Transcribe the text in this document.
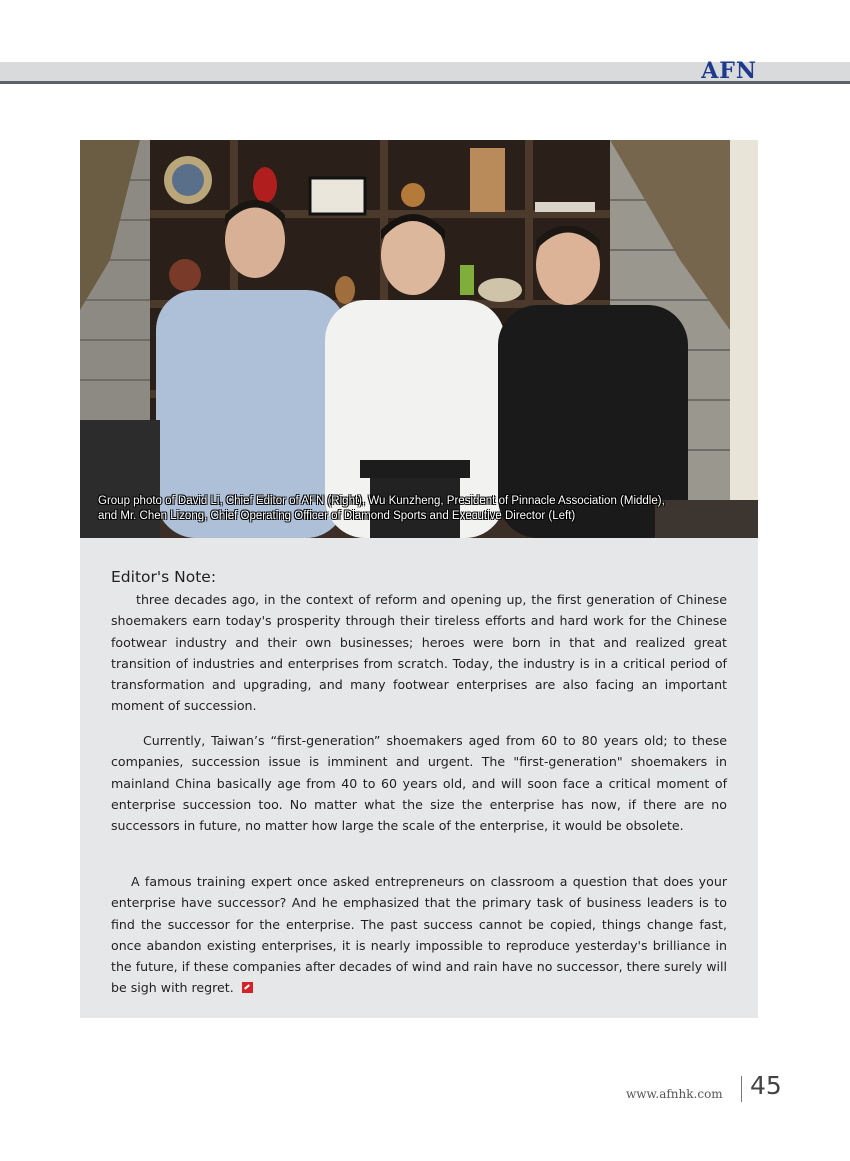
AFN
Group photo of David Li, Chief Editor of AFN (Right), Wu Kunzheng, President of Pinnacle Association (Middle),
and Mr. Chen Lizong, Chief Operating Officer of Diamond Sports and Executive Director (Left)
Editor's Note:

three decades ago, in the context of reform and opening up, the first generation of Chinese shoemakers earn today's prosperity through their tireless efforts and hard work for the Chinese footwear industry and their own businesses; heroes were born in that and realized great transition of industries and enterprises from scratch. Today, the industry is in a critical period of transformation and upgrading, and many footwear enterprises are also facing an important moment of succession.

Currently, Taiwan’s “first-generation” shoemakers aged from 60 to 80 years old; to these companies, succession issue is imminent and urgent. The "first-generation" shoemakers in mainland China basically age from 40 to 60 years old, and will soon face a critical moment of enterprise succession too. No matter what the size the enterprise has now, if there are no successors in future, no matter how large the scale of the enterprise, it would be obsolete.

A famous training expert once asked entrepreneurs on classroom a question that does your enterprise have successor? And he emphasized that the primary task of business leaders is to find the successor for the enterprise. The past success cannot be copied, things change fast, once abandon existing enterprises, it is nearly impossible to reproduce yesterday's brilliance in the future, if these companies after decades of wind and rain have no successor, there surely will be sigh with regret.

www.afnhk.com 45
